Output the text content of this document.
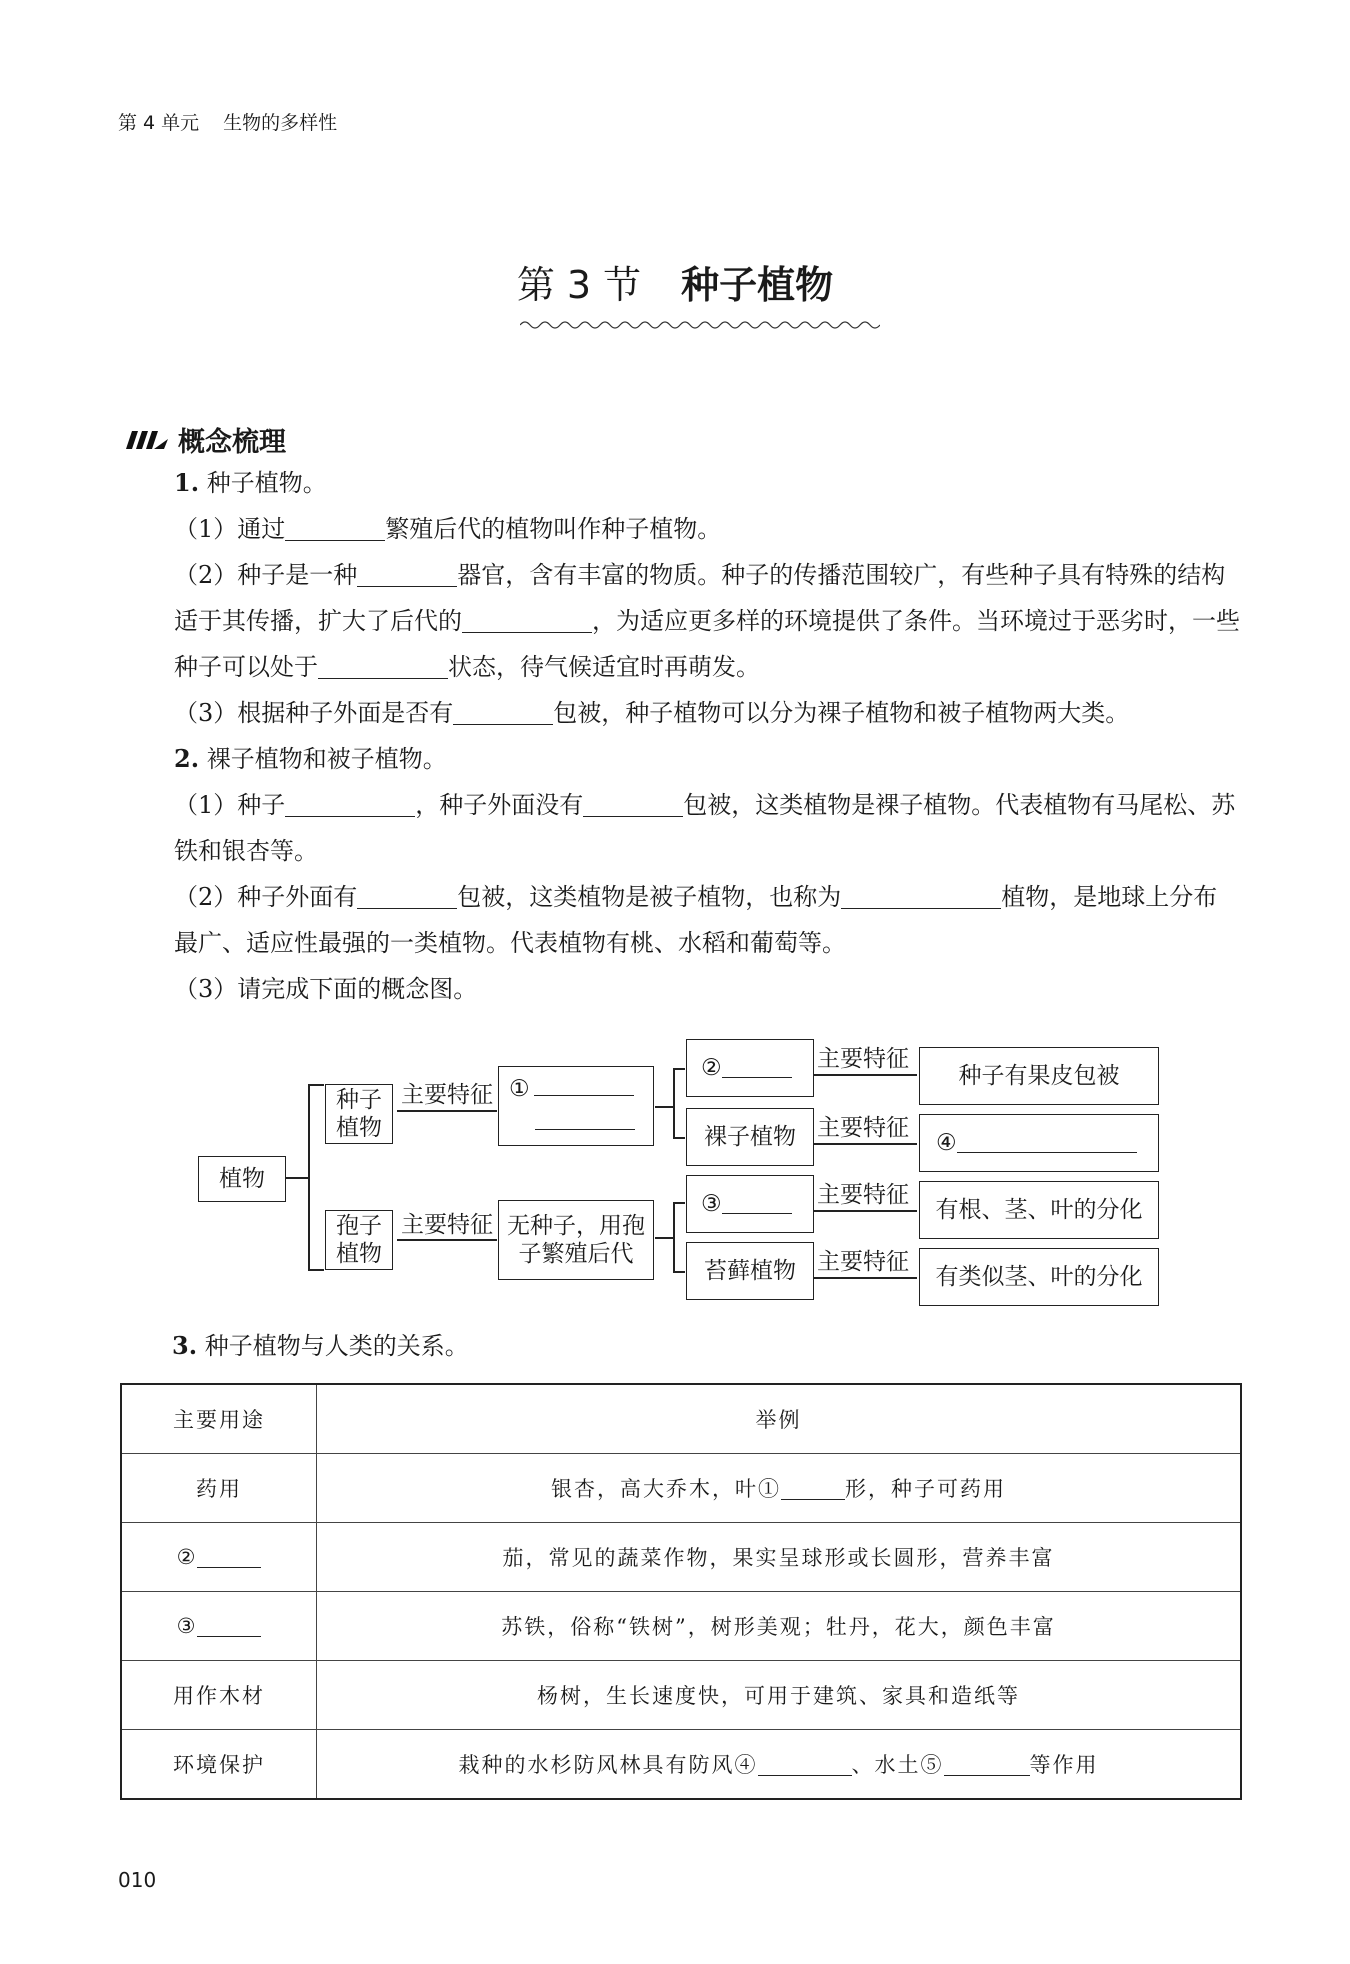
第 4 单元 生物的多样性
第 3 节 种子植物
概念梳理

1. 种子植物。

（1）通过	繁殖后代的植物叫作种子植物。

（2）种子是一种	器官，含有丰富的物质。种子的传播范围较广，有些种子具有特殊的结构适于其传播，扩大了后代的	，为适应更多样的环境提供了条件。当环境过于恶劣时，一些种子可以处于	状态，待气候适宜时再萌发。

（3）根据种子外面是否有	包被，种子植物可以分为裸子植物和被子植物两大类。

2. 裸子植物和被子植物。

（1）种子	，种子外面没有	包被，这类植物是裸子植物。代表植物有马尾松、苏铁和银杏等。

（2）种子外面有	包被，这类植物是被子植物，也称为	植物，是地球上分布最广、适应性最强的一类植物。代表植物有桃、水稻和葡萄等。

（3）请完成下面的概念图。

植物
种子植物
孢子植物
主要特征
主要特征
①
无种子，用孢子繁殖后代
②
裸子植物
③
苔藓植物
主要特征
主要特征
主要特征
主要特征
种子有果皮包被
④
有根、茎、叶的分化
有类似茎、叶的分化
3. 种子植物与人类的关系。
主要用途	举例
药用	银杏，高大乔木，叶① 形，种子可药用
②	茄，常见的蔬菜作物，果实呈球形或长圆形，营养丰富
③	苏铁，俗称“铁树”，树形美观；牡丹，花大，颜色丰富
用作木材	杨树，生长速度快，可用于建筑、家具和造纸等
环境保护	栽种的水杉防风林具有防风④ 、水土⑤ 等作用
010
